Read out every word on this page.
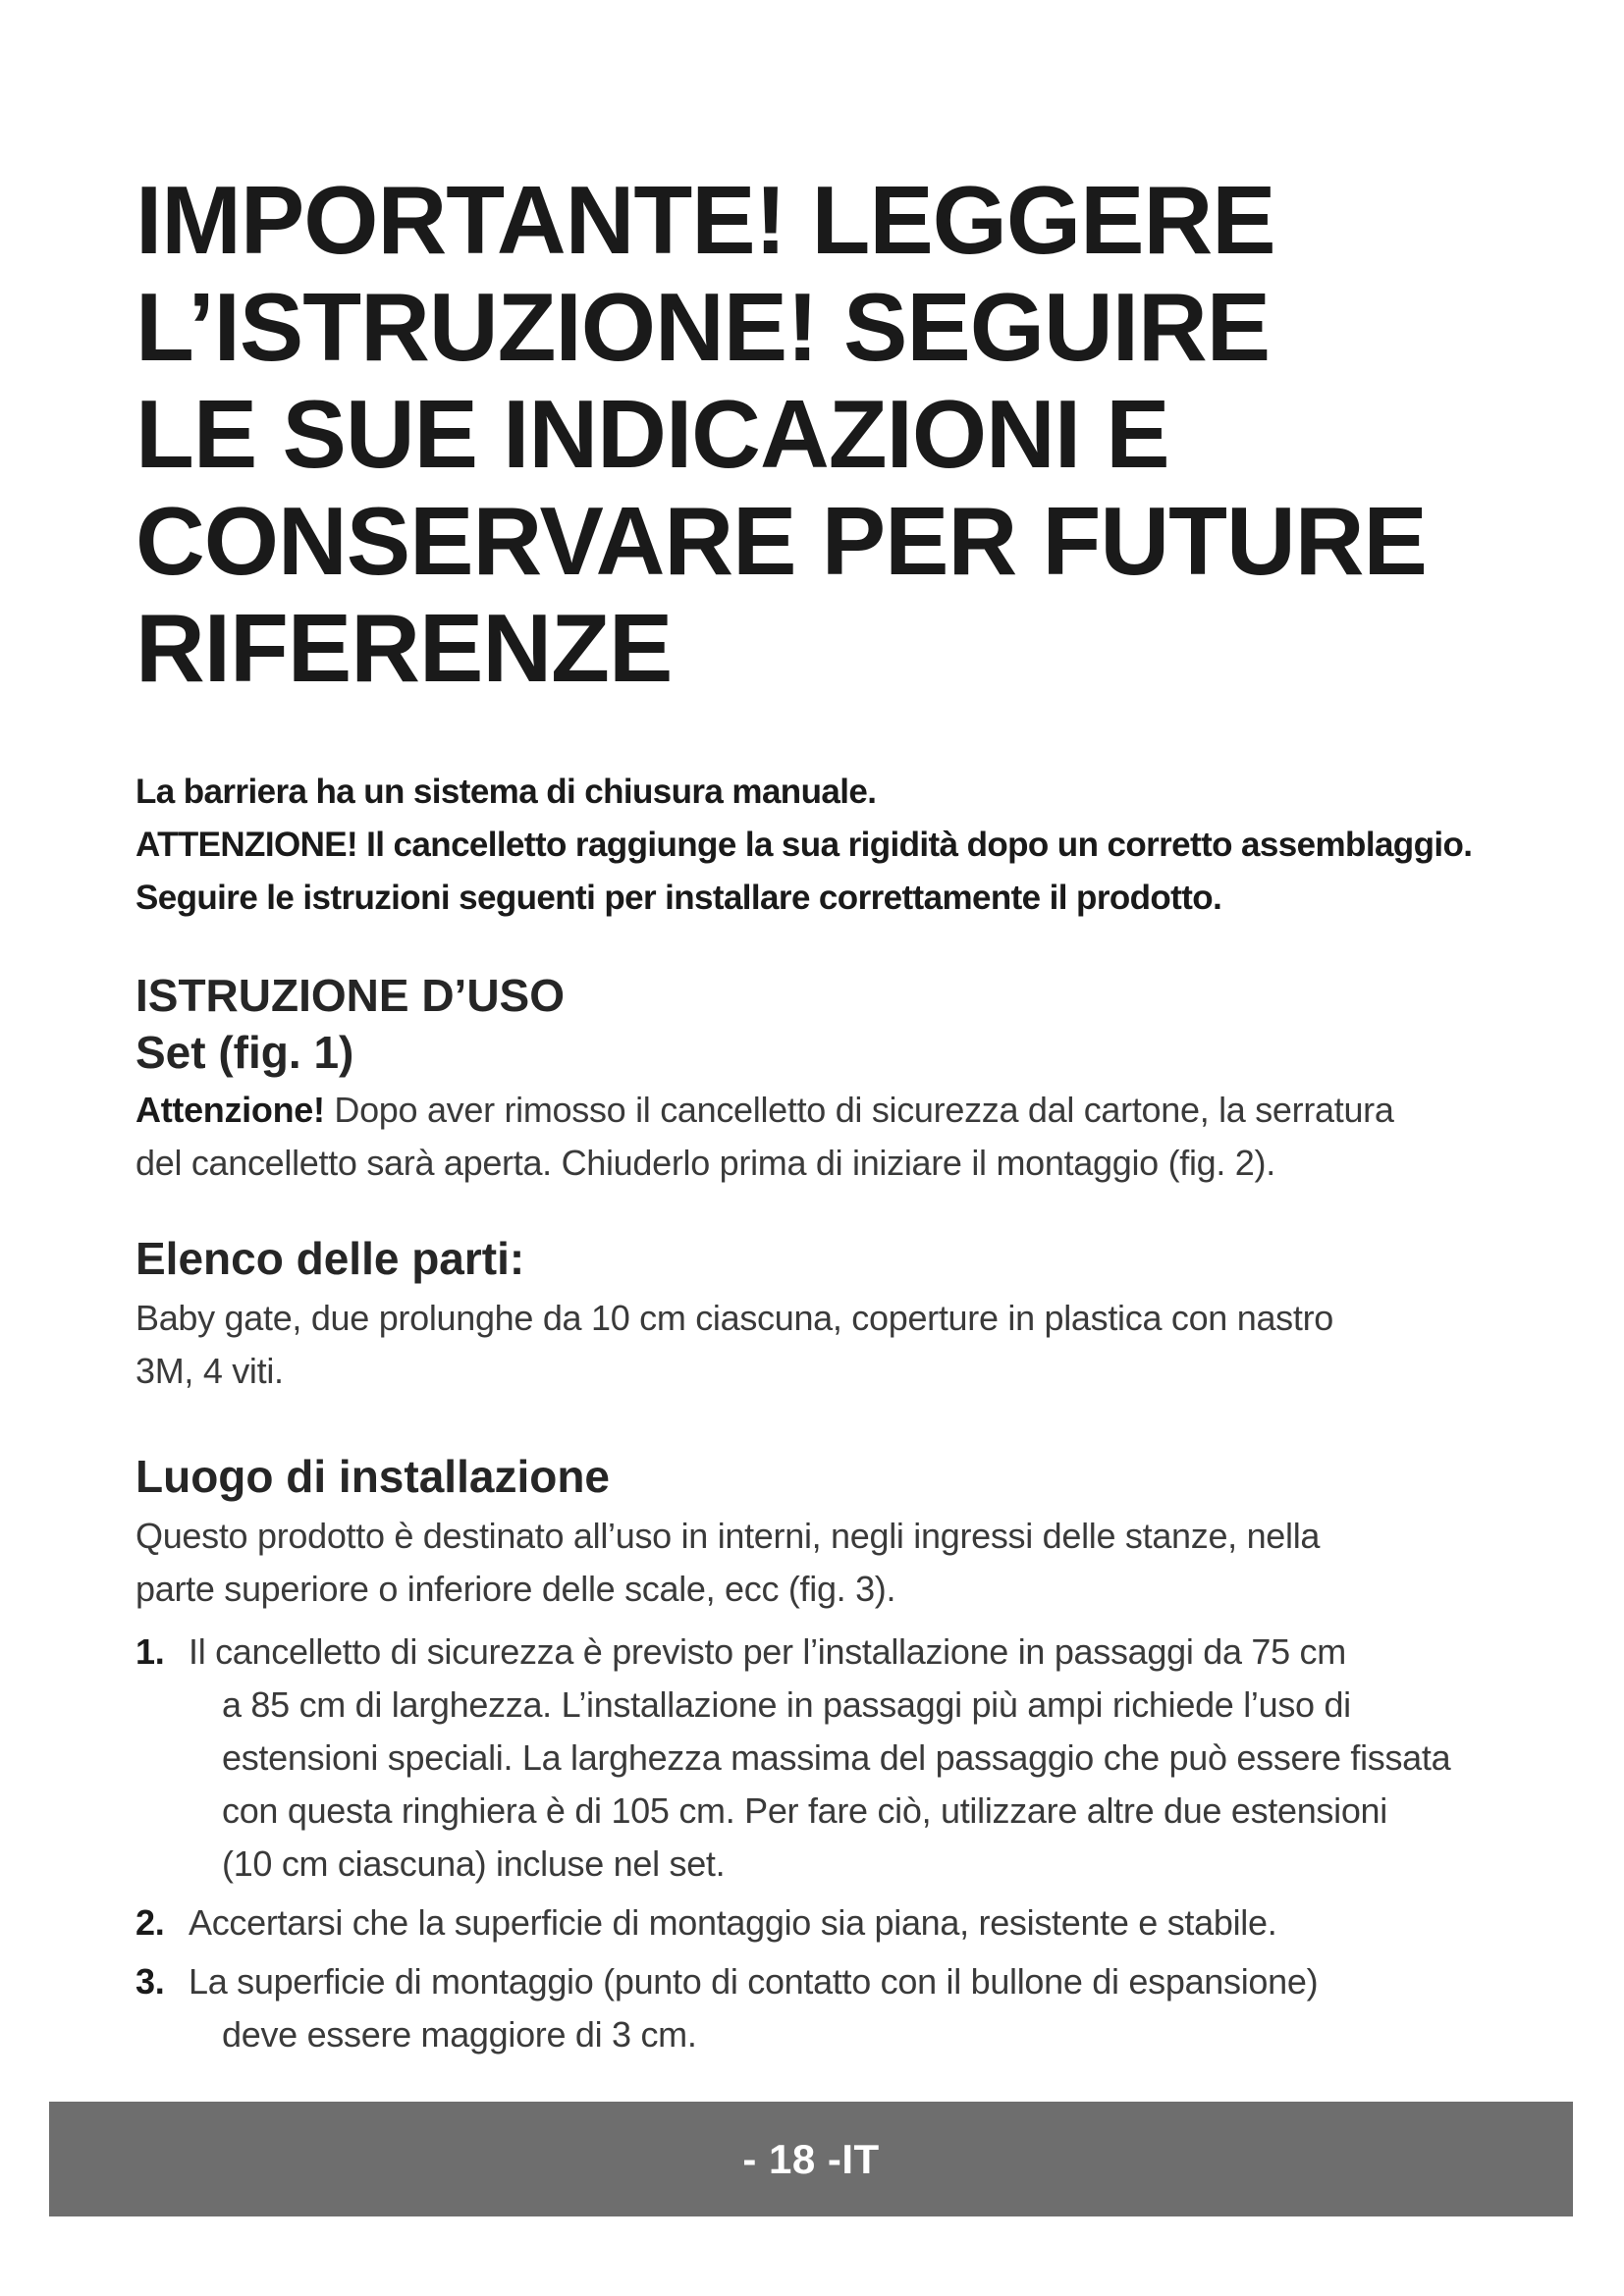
IMPORTANTE! LEGGERE
L’ISTRUZIONE! SEGUIRE
LE SUE INDICAZIONI E
CONSERVARE PER FUTURE
RIFERENZE
La barriera ha un sistema di chiusura manuale.
ATTENZIONE! Il cancelletto raggiunge la sua rigidità dopo un corretto assemblaggio.
Seguire le istruzioni seguenti per installare correttamente il prodotto.
ISTRUZIONE D’USO
Set (fig. 1)
Attenzione! Dopo aver rimosso il cancelletto di sicurezza dal cartone, la serratura
del cancelletto sarà aperta. Chiuderlo prima di iniziare il montaggio (fig. 2).
Elenco delle parti:
Baby gate, due prolunghe da 10 cm ciascuna, coperture in plastica con nastro
3M, 4 viti.
Luogo di installazione
Questo prodotto è destinato all’uso in interni, negli ingressi delle stanze, nella
parte superiore o inferiore delle scale, ecc (fig. 3).
1. Il cancelletto di sicurezza è previsto per l’installazione in passaggi da 75 cm
a 85 cm di larghezza. L’installazione in passaggi più ampi richiede l’uso di
estensioni speciali. La larghezza massima del passaggio che può essere fissata
con questa ringhiera è di 105 cm. Per fare ciò, utilizzare altre due estensioni
(10 cm ciascuna) incluse nel set.
2. Accertarsi che la superficie di montaggio sia piana, resistente e stabile.
3. La superficie di montaggio (punto di contatto con il bullone di espansione)
deve essere maggiore di 3 cm.
- 18 -IT
